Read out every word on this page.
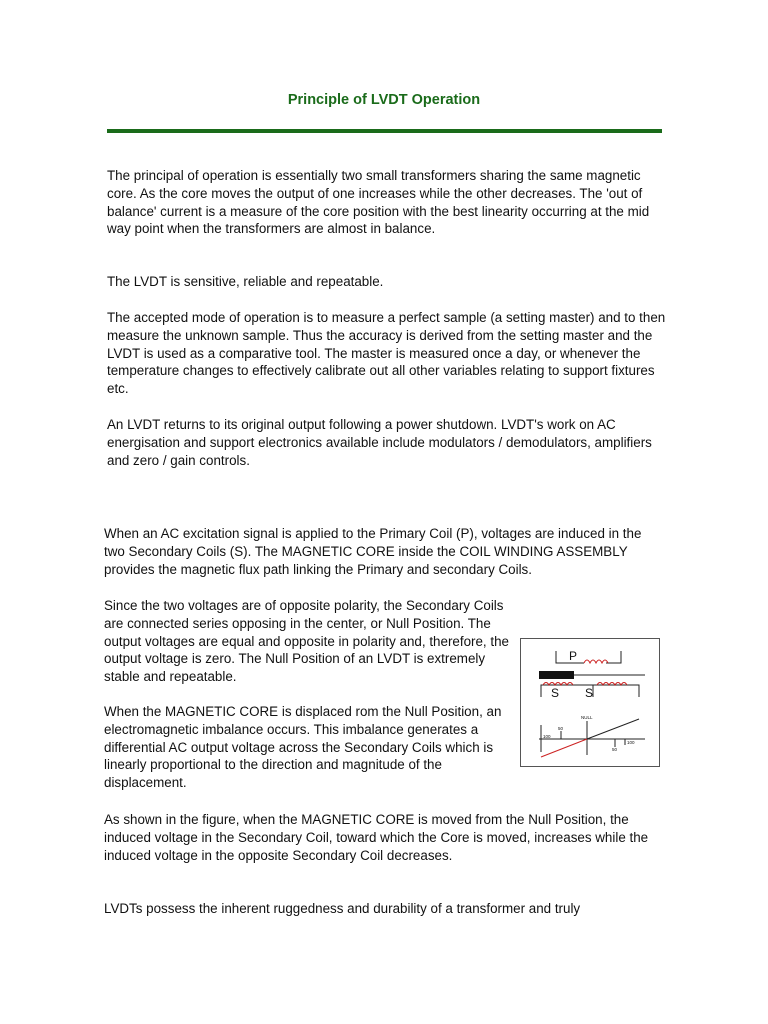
Principle of LVDT Operation

The principal of operation is essentially two small transformers sharing the same magnetic core. As the core moves the output of one increases while the other decreases. The 'out of balance' current is a measure of the core position with the best linearity occurring at the mid way point when the transformers are almost in balance.

The LVDT is sensitive, reliable and repeatable.

The accepted mode of operation is to measure a perfect sample (a setting master) and to then measure the unknown sample. Thus the accuracy is derived from the setting master and the LVDT is used as a comparative tool. The master is measured once a day, or whenever the temperature changes to effectively calibrate out all other variables relating to support fixtures etc.

An LVDT returns to its original output following a power shutdown. LVDT's work on AC energisation and support electronics available include modulators / demodulators, amplifiers and zero / gain controls.

When an AC excitation signal is applied to the Primary Coil (P), voltages are induced in the two Secondary Coils (S). The MAGNETIC CORE inside the COIL WINDING ASSEMBLY provides the magnetic flux path linking the Primary and secondary Coils.

Since the two voltages are of opposite polarity, the Secondary Coils are connected series opposing in the center, or Null Position. The output voltages are equal and opposite in polarity and, therefore, the output voltage is zero. The Null Position of an LVDT is extremely stable and repeatable.

When the MAGNETIC CORE is displaced rom the Null Position, an electromagnetic imbalance occurs. This imbalance generates a differential AC output voltage across the Secondary Coils which is linearly proportional to the direction and magnitude of the displacement.

As shown in the figure, when the MAGNETIC CORE is moved from the Null Position, the induced voltage in the Secondary Coil, toward which the Core is moved, increases while the induced voltage in the opposite Secondary Coil decreases.

LVDTs possess the inherent ruggedness and durability of a transformer and truly

P
S S
NULL
100
50
50
100
